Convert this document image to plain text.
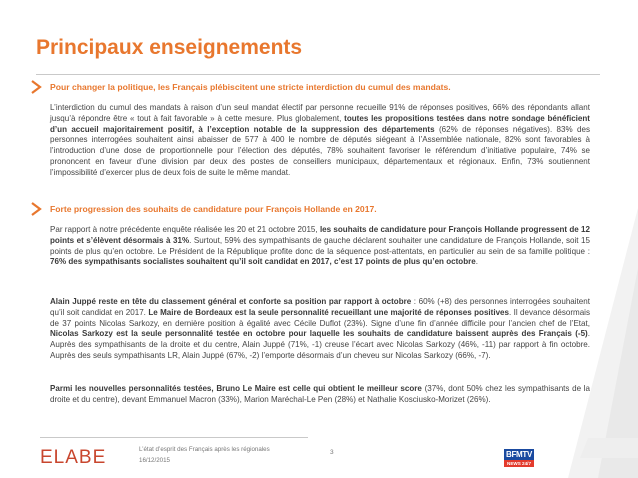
Principaux enseignements
Pour changer la politique, les Français plébiscitent une stricte interdiction du cumul des mandats.
L’interdiction du cumul des mandats à raison d’un seul mandat électif par personne recueille 91% de réponses positives, 66% des répondants allant jusqu’à répondre être « tout à fait favorable » à cette mesure. Plus globalement, toutes les propositions testées dans notre sondage bénéficient d’un accueil majoritairement positif, à l’exception notable de la suppression des départements (62% de réponses négatives). 83% des personnes interrogées souhaitent ainsi abaisser de 577 à 400 le nombre de députés siégeant à l’Assemblée nationale, 82% sont favorables à l’introduction d’une dose de proportionnelle pour l’élection des députés, 78% souhaitent favoriser le référendum d’initiative populaire, 74% se prononcent en faveur d’une division par deux des postes de conseillers municipaux, départementaux et régionaux. Enfin, 73% soutiennent l’impossibilité d’exercer plus de deux fois de suite le même mandat.
Forte progression des souhaits de candidature pour François Hollande en 2017.
Par rapport à notre précédente enquête réalisée les 20 et 21 octobre 2015, les souhaits de candidature pour François Hollande progressent de 12 points et s’élèvent désormais à 31%. Surtout, 59% des sympathisants de gauche déclarent souhaiter une candidature de François Hollande, soit 15 points de plus qu’en octobre. Le Président de la République profite donc de la séquence post-attentats, en particulier au sein de sa famille politique : 76% des sympathisants socialistes souhaitent qu’il soit candidat en 2017, c’est 17 points de plus qu’en octobre.
Alain Juppé reste en tête du classement général et conforte sa position par rapport à octobre : 60% (+8) des personnes interrogées souhaitent qu’il soit candidat en 2017. Le Maire de Bordeaux est la seule personnalité recueillant une majorité de réponses positives. Il devance désormais de 37 points Nicolas Sarkozy, en dernière position à égalité avec Cécile Duflot (23%). Signe d’une fin d’année difficile pour l’ancien chef de l’Etat, Nicolas Sarkozy est la seule personnalité testée en octobre pour laquelle les souhaits de candidature baissent auprès des Français (-5). Auprès des sympathisants de la droite et du centre, Alain Juppé (71%, -1) creuse l’écart avec Nicolas Sarkozy (46%, -11) par rapport à fin octobre. Auprès des seuls sympathisants LR, Alain Juppé (67%, -2) l’emporte désormais d’un cheveu sur Nicolas Sarkozy (66%, -7).
Parmi les nouvelles personnalités testées, Bruno Le Maire est celle qui obtient le meilleur score (37%, dont 50% chez les sympathisants de la droite et du centre), devant Emmanuel Macron (33%), Marion Maréchal-Le Pen (28%) et Nathalie Kosciusko-Morizet (26%).
ELABE	L’état d’esprit des Français après les régionales
16/12/2015
3	BFMTV
NEWS 24/7
